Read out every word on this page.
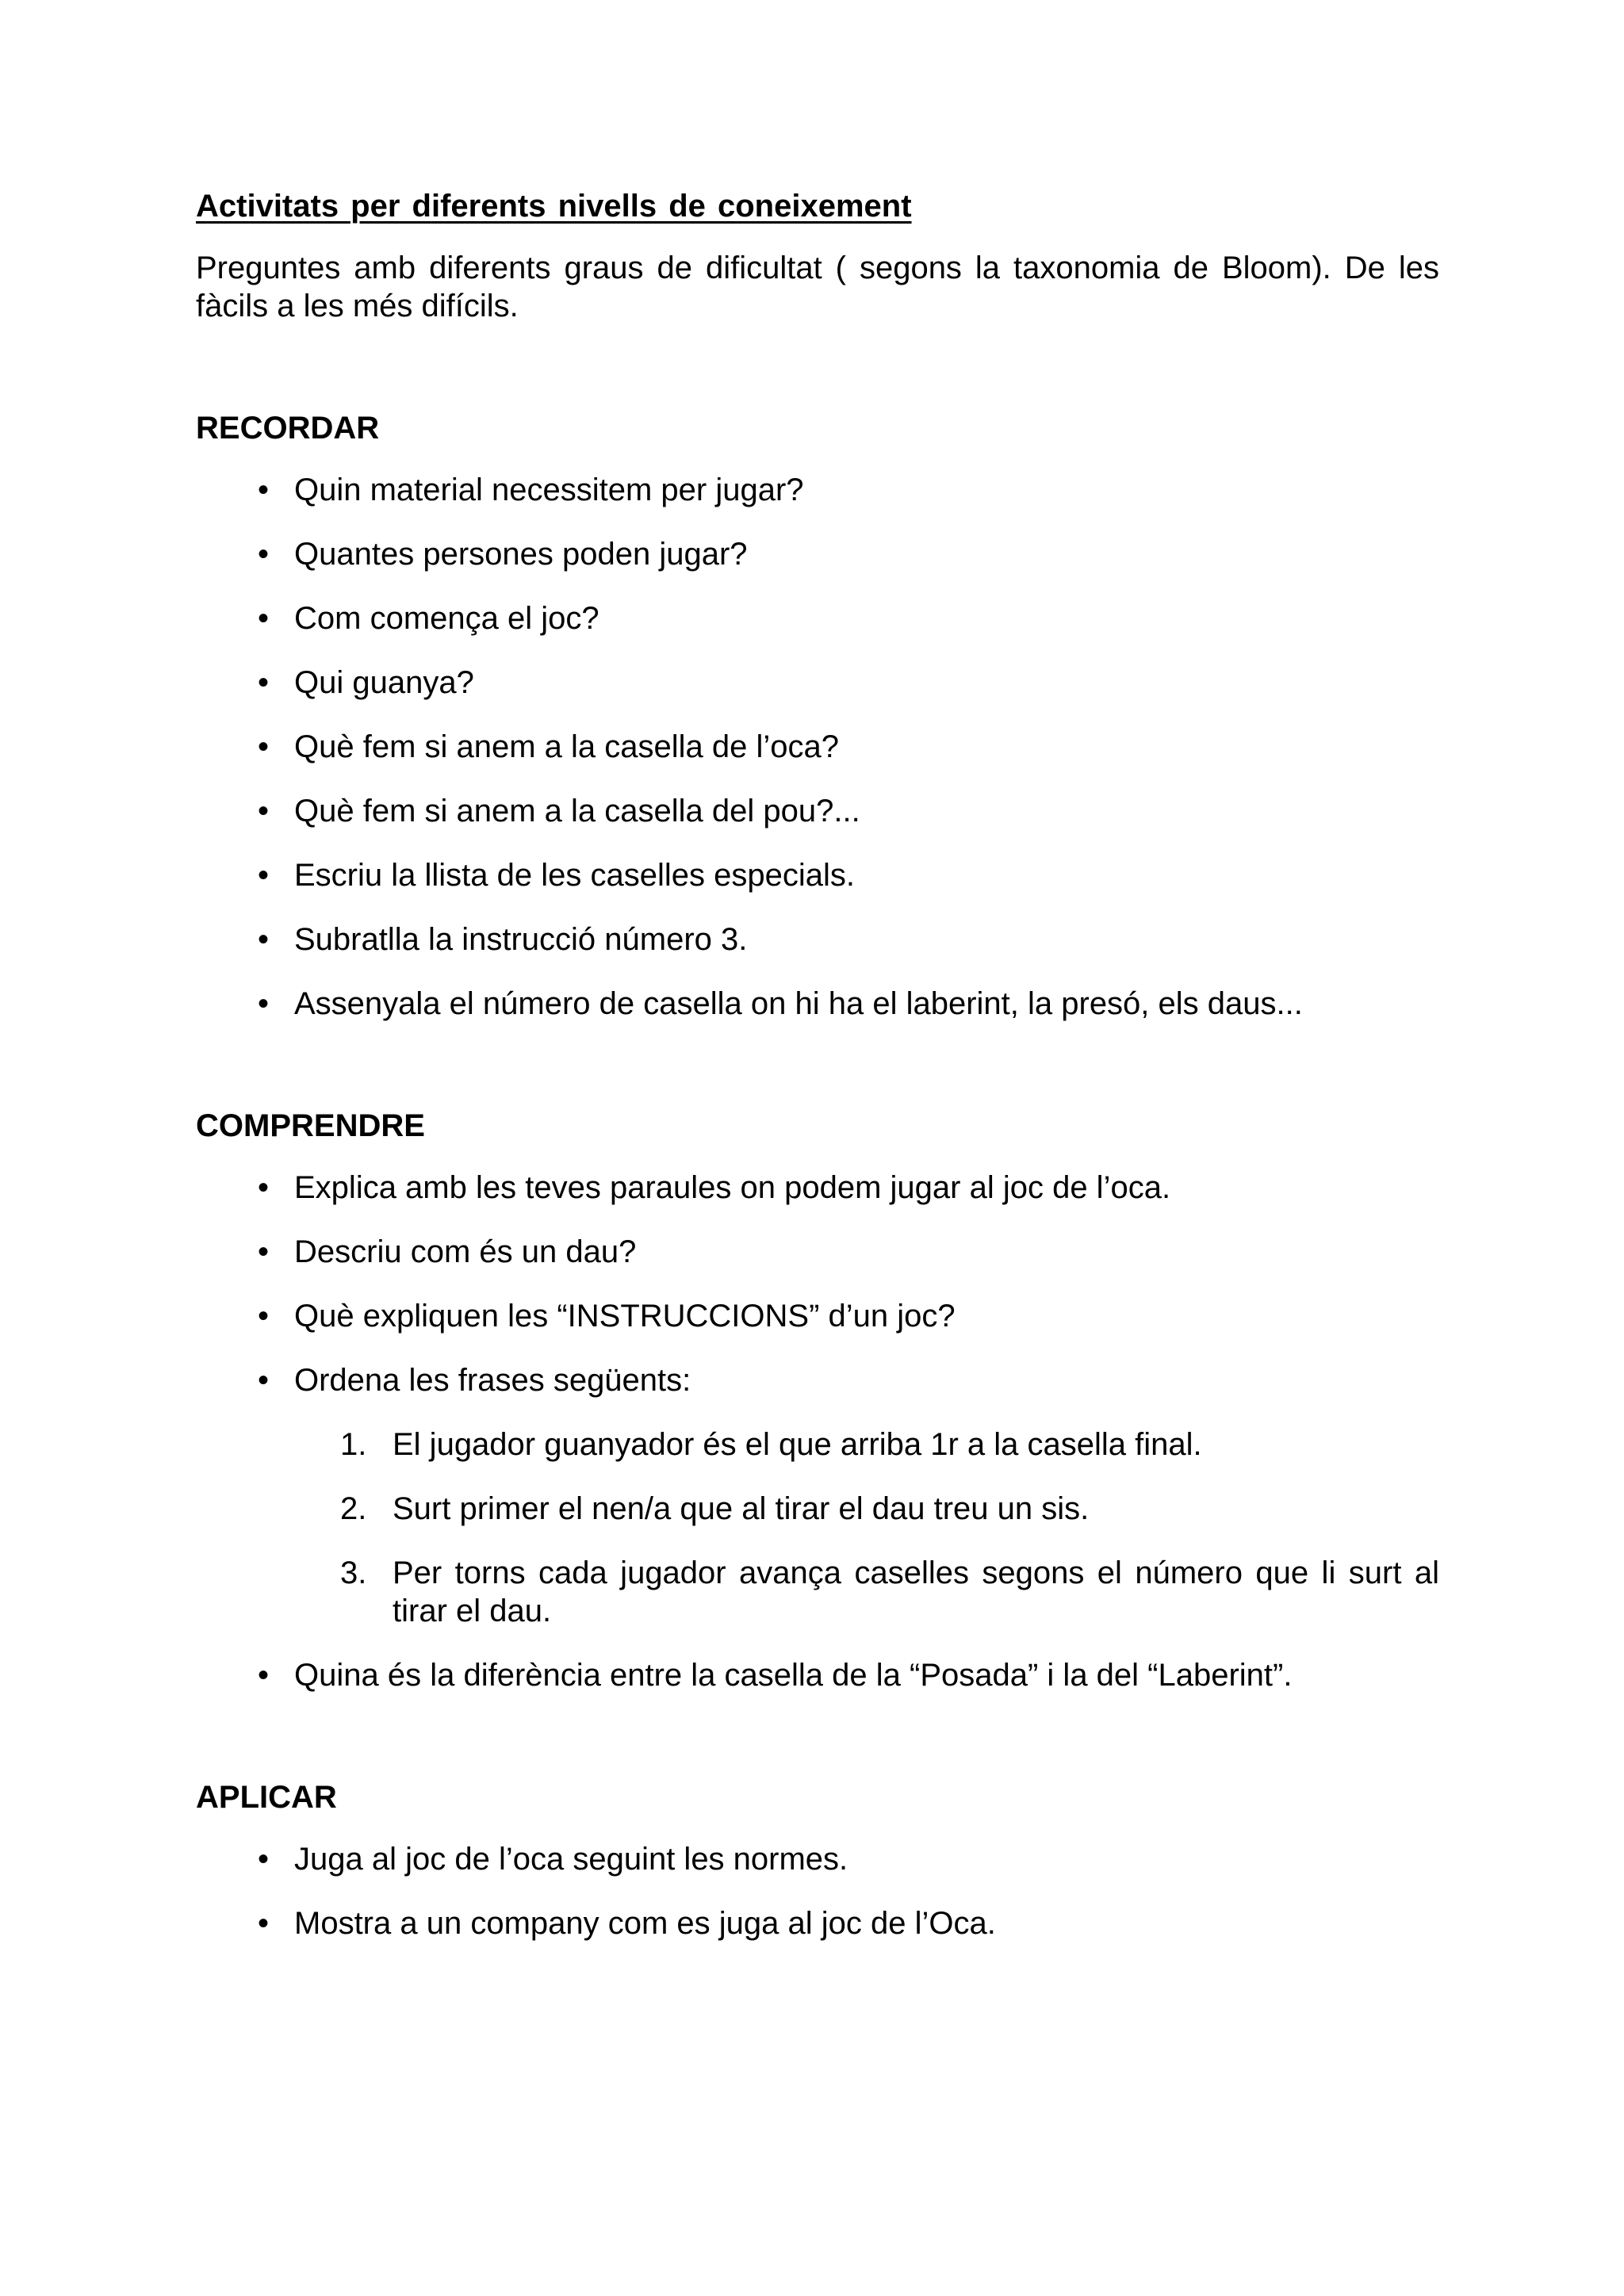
Activitats per diferents nivells de coneixement

Preguntes amb diferents graus de dificultat ( segons la taxonomia de Bloom). De les fàcils a les més difícils.

RECORDAR
• Quin material necessitem per jugar?
• Quantes persones poden jugar?
• Com comença el joc?
• Qui guanya?
• Què fem si anem a la casella de l’oca?
• Què fem si anem a la casella del pou?...
• Escriu la llista de les caselles especials.
• Subratlla la instrucció número 3.
• Assenyala el número de casella on hi ha el laberint, la presó, els daus...
COMPRENDRE
• Explica amb les teves paraules on podem jugar al joc de l’oca.
• Descriu com és un dau?
• Què expliquen les “INSTRUCCIONS” d’un joc?
• Ordena les frases següents:
1. El jugador guanyador és el que arriba 1r a la casella final.
2. Surt primer el nen/a que al tirar el dau treu un sis.
3. Per torns cada jugador avança caselles segons el número que li surt al tirar el dau.
• Quina és la diferència entre la casella de la “Posada” i la del “Laberint”.
APLICAR
• Juga al joc de l’oca seguint les normes.
• Mostra a un company com es juga al joc de l’Oca.
